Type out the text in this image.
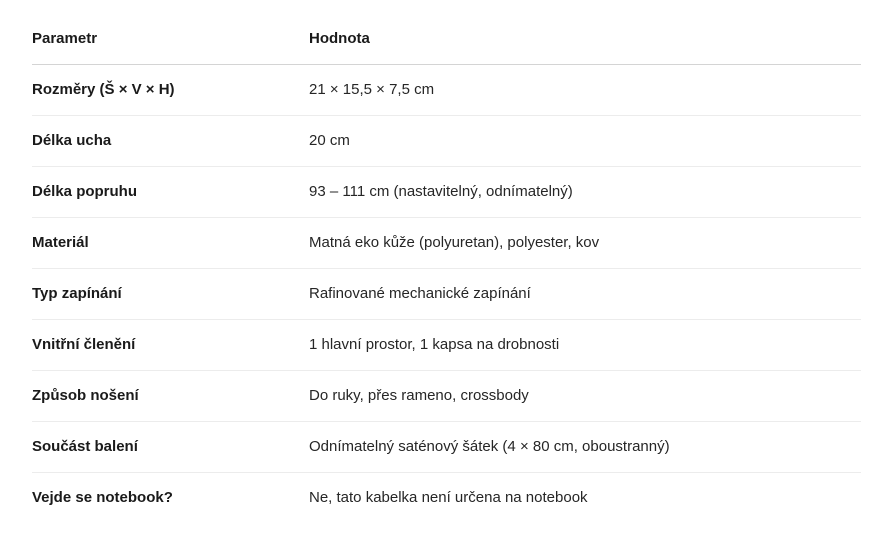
Parametr	Hodnota
Rozměry (Š × V × H)	21 × 15,5 × 7,5 cm
Délka ucha	20 cm
Délka popruhu	93 – 111 cm (nastavitelný, odnímatelný)
Materiál	Matná eko kůže (polyuretan), polyester, kov
Typ zapínání	Rafinované mechanické zapínání
Vnitřní členění	1 hlavní prostor, 1 kapsa na drobnosti
Způsob nošení	Do ruky, přes rameno, crossbody
Součást balení	Odnímatelný saténový šátek (4 × 80 cm, oboustranný)
Vejde se notebook?	Ne, tato kabelka není určena na notebook
